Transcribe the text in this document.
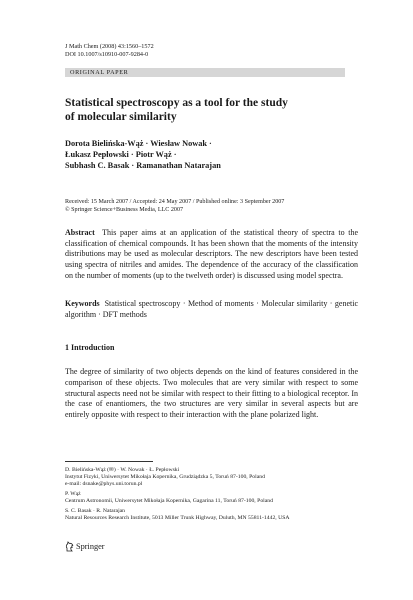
J Math Chem (2008) 43:1560–1572
DOI 10.1007/s10910-007-9284-0
ORIGINAL PAPER
Statistical spectroscopy as a tool for the study
of molecular similarity
Dorota Bielińska-Wąż · Wiesław Nowak ·
Łukasz Pepłowski · Piotr Wąż ·
Subhash C. Basak · Ramanathan Natarajan
Received: 15 March 2007 / Accepted: 24 May 2007 / Published online: 3 September 2007
© Springer Science+Business Media, LLC 2007
Abstract This paper aims at an application of the statistical theory of spectra to the classification of chemical compounds. It has been shown that the moments of the intensity distributions may be used as molecular descriptors. The new descriptors have been tested using spectra of nitriles and amides. The dependence of the accuracy of the classification on the number of moments (up to the twelveth order) is discussed using model spectra.
Keywords Statistical spectroscopy · Method of moments · Molecular similarity · genetic algorithm · DFT methods
1 Introduction
The degree of similarity of two objects depends on the kind of features considered in the comparison of these objects. Two molecules that are very similar with respect to some structural aspects need not be similar with respect to their fitting to a biological receptor. In the case of enantiomers, the two structures are very similar in several aspects but are entirely opposite with respect to their interaction with the plane polarized light.
D. Bielińska-Wąż (✉) · W. Nowak · Ł. Pepłowski
Instytut Fizyki, Uniwersytet Mikołaja Kopernika, Grudziądzka 5, Toruń 87-100, Poland
e-mail: dsnake@phys.uni.torun.pl
P. Wąż
Centrum Astronomii, Uniwersytet Mikołaja Kopernika, Gagarina 11, Toruń 87-100, Poland
S. C. Basak · R. Natarajan
Natural Resources Research Institute, 5013 Miller Trunk Highway, Duluth, MN 55811-1442, USA
Springer
